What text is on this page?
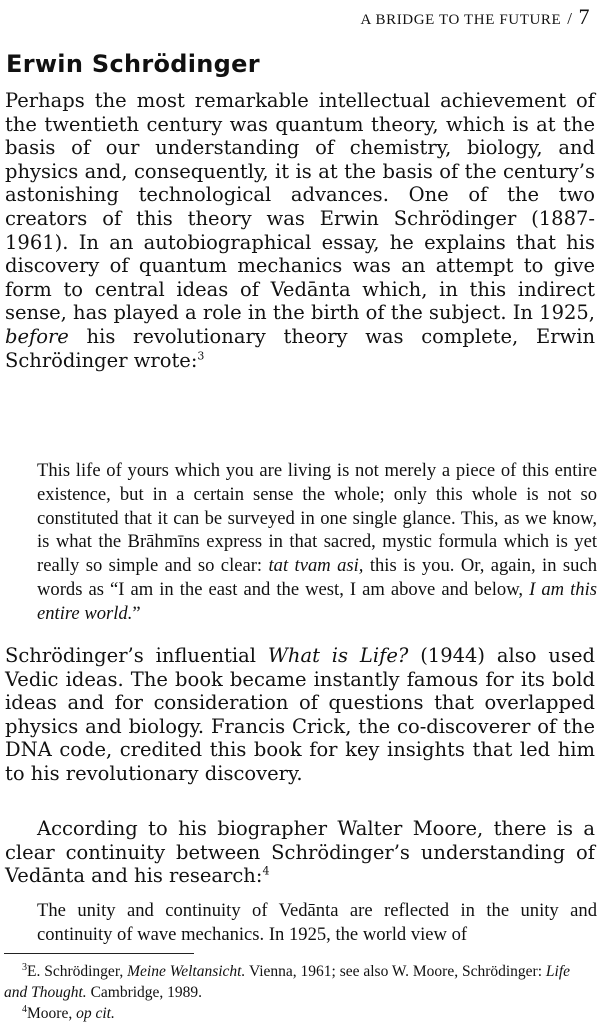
A BRIDGE TO THE FUTURE / 7
Erwin Schrödinger

Perhaps the most remarkable intellectual achievement of the twentieth century was quantum theory, which is at the basis of our understanding of chemistry, biology, and physics and, consequently, it is at the basis of the century’s astonishing technological advances. One of the two creators of this theory was Erwin Schrödinger (1887-1961). In an autobiographical essay, he explains that his discovery of quantum mechanics was an attempt to give form to central ideas of Vedānta which, in this indirect sense, has played a role in the birth of the subject. In 1925, before his revolutionary theory was complete, Erwin Schrödinger wrote:$^3$

This life of yours which you are living is not merely a piece of this entire existence, but in a certain sense the whole; only this whole is not so constituted that it can be surveyed in one single glance. This, as we know, is what the Brāhmīns express in that sacred, mystic formula which is yet really so simple and so clear: tat tvam asi, this is you. Or, again, in such words as “I am in the east and the west, I am above and below, I am this entire world.”

Schrödinger’s influential What is Life? (1944) also used Vedic ideas. The book became instantly famous for its bold ideas and for consideration of questions that overlapped physics and biology. Francis Crick, the co-discoverer of the DNA code, credited this book for key insights that led him to his revolutionary discovery.

According to his biographer Walter Moore, there is a clear continuity between Schrödinger’s understanding of Vedānta and his research:$^4$

The unity and continuity of Vedānta are reflected in the unity and continuity of wave mechanics. In 1925, the world view of

$^3$E. Schrödinger, Meine Weltansicht. Vienna, 1961; see also W. Moore, Schrödinger: Life and Thought. Cambridge, 1989.

$^4$Moore, op cit.
